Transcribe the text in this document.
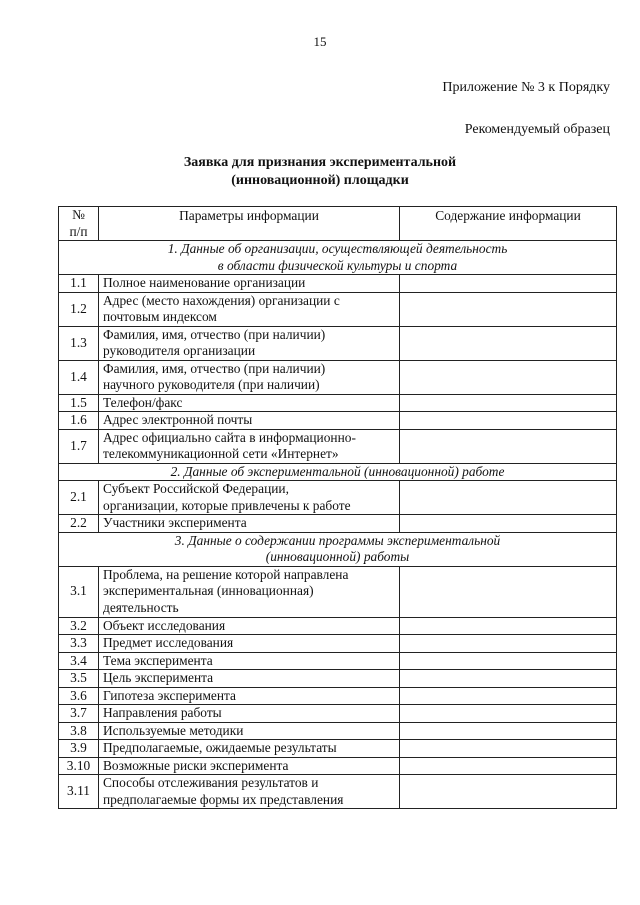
15
Приложение № 3 к Порядку
Рекомендуемый образец
Заявка для признания экспериментальной
(инновационной) площадки
№
п/п	Параметры информации	Содержание информации

1. Данные об организации, осуществляющей деятельность
в области физической культуры и спорта		

1.1	Полное наименование организации	
1.2	Адрес (место нахождения) организации с
почтовым индексом	

1.3	Фамилия, имя, отчество (при наличии)
руководителя организации	

1.4	Фамилия, имя, отчество (при наличии)
научного руководителя (при наличии)	

1.5	Телефон/факс	
1.6	Адрес электронной почты	
1.7	Адрес официально сайта в информационно-
телекоммуникационной сети «Интернет»	

2. Данные об экспериментальной (инновационной) работе		
2.1	Субъект Российской Федерации,
организации, которые привлечены к работе	

2.2	Участники эксперимента	

3. Данные о содержании программы экспериментальной
(инновационной) работы		

3.1	Проблема, на решение которой направлена
экспериментальная (инновационная)
деятельность	

3.2	Объект исследования	
3.3	Предмет исследования	
3.4	Тема эксперимента	
3.5	Цель эксперимента	
3.6	Гипотеза эксперимента	
3.7	Направления работы	
3.8	Используемые методики	
3.9	Предполагаемые, ожидаемые результаты	
3.10	Возможные риски эксперимента	
3.11	Способы отслеживания результатов и
предполагаемые формы их представления	
